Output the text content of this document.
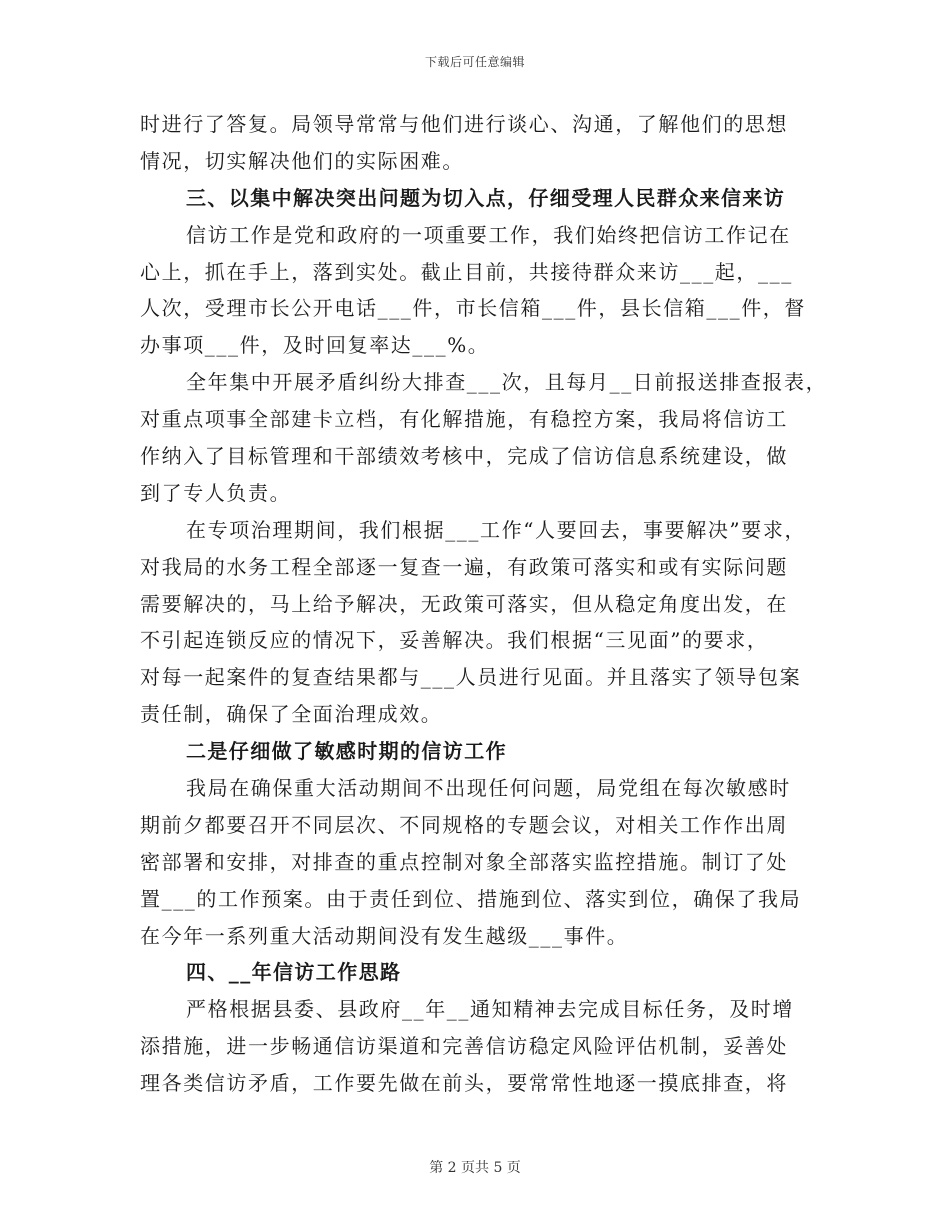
下载后可任意编辑
时进行了答复。局领导常常与他们进行谈心、沟通，了解他们的思想
情况，切实解决他们的实际困难。
三、以集中解决突出问题为切入点，仔细受理人民群众来信来访
信访工作是党和政府的一项重要工作，我们始终把信访工作记在
心上，抓在手上，落到实处。截止目前，共接待群众来访___起，___
人次，受理市长公开电话___件，市长信箱___件，县长信箱___件，督
办事项___件，及时回复率达___%。
全年集中开展矛盾纠纷大排查___次，且每月__日前报送排查报表，
对重点项事全部建卡立档，有化解措施，有稳控方案，我局将信访工
作纳入了目标管理和干部绩效考核中，完成了信访信息系统建设，做
到了专人负责。
在专项治理期间，我们根据___工作“人要回去，事要解决”要求，
对我局的水务工程全部逐一复查一遍，有政策可落实和或有实际问题
需要解决的，马上给予解决，无政策可落实，但从稳定角度出发，在
不引起连锁反应的情况下，妥善解决。我们根据“三见面”的要求，
对每一起案件的复查结果都与___人员进行见面。并且落实了领导包案
责任制，确保了全面治理成效。
二是仔细做了敏感时期的信访工作
我局在确保重大活动期间不出现任何问题，局党组在每次敏感时
期前夕都要召开不同层次、不同规格的专题会议，对相关工作作出周
密部署和安排，对排查的重点控制对象全部落实监控措施。制订了处
置___的工作预案。由于责任到位、措施到位、落实到位，确保了我局
在今年一系列重大活动期间没有发生越级___事件。
四、__年信访工作思路
严格根据县委、县政府__年__通知精神去完成目标任务，及时增
添措施，进一步畅通信访渠道和完善信访稳定风险评估机制，妥善处
理各类信访矛盾，工作要先做在前头，要常常性地逐一摸底排查，将
第 2 页共 5 页
